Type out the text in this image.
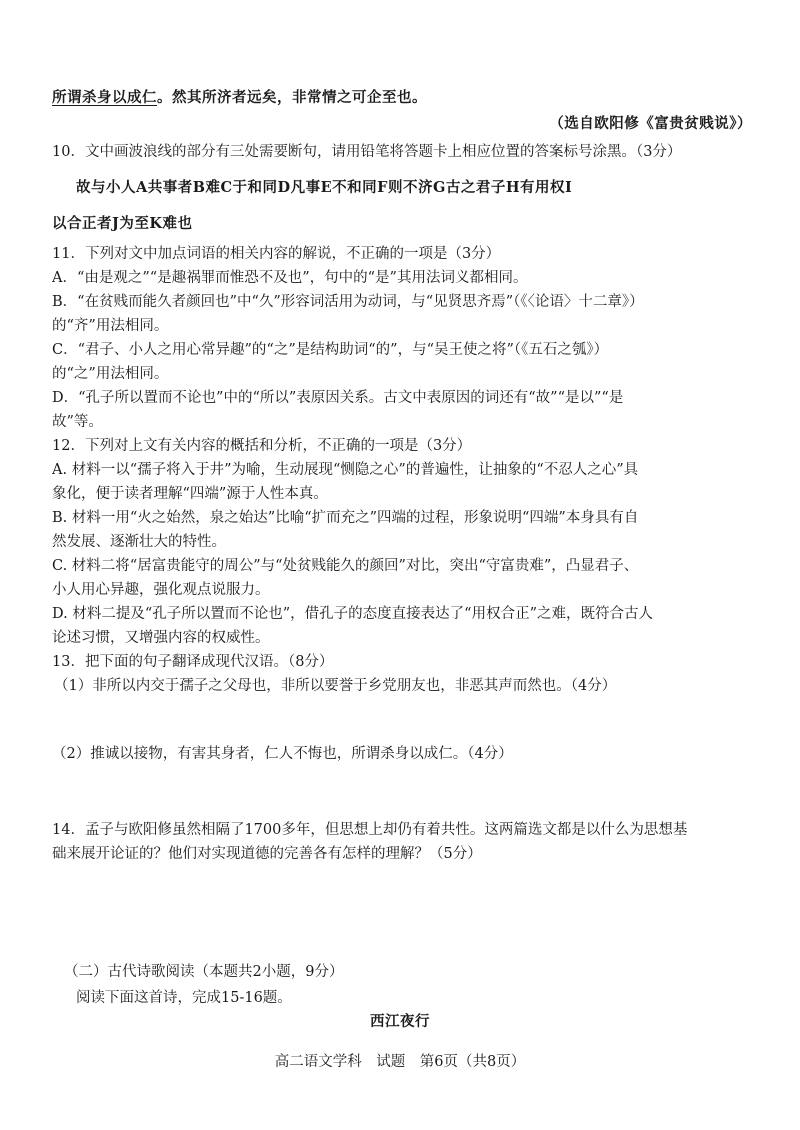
所谓杀身以成仁。然其所济者远矣，非常情之可企至也。
（选自欧阳修《富贵贫贱说》）
10．文中画波浪线的部分有三处需要断句，请用铅笔将答题卡上相应位置的答案标号涂黑。（3分）
故与小人A共事者B难C于和同D凡事E不和同F则不济G古之君子H有用权I
以合正者J为至K难也
11．下列对文中加点词语的相关内容的解说，不正确的一项是（3分）
A．“由是观之”“是趣祸罪而惟恐不及也”，句中的“是”其用法词义都相同。
B．“在贫贱而能久者颜回也”中“久”形容词活用为动词，与“见贤思齐焉”（《〈论语〉十二章》）
的“齐”用法相同。
C．“君子、小人之用心常异趣”的“之”是结构助词“的”，与“吴王使之将”（《五石之瓠》）
的“之”用法相同。
D．“孔子所以置而不论也”中的“所以”表原因关系。古文中表原因的词还有“故”“是以”“是
故”等。
12．下列对上文有关内容的概括和分析，不正确的一项是（3分）
A. 材料一以“孺子将入于井”为喻，生动展现“恻隐之心”的普遍性，让抽象的“不忍人之心”具
象化，便于读者理解“四端”源于人性本真。
B. 材料一用“火之始然，泉之始达”比喻“扩而充之”四端的过程，形象说明“四端”本身具有自
然发展、逐渐壮大的特性。
C. 材料二将“居富贵能守的周公”与“处贫贱能久的颜回”对比，突出“守富贵难”，凸显君子、
小人用心异趣，强化观点说服力。
D. 材料二提及“孔子所以置而不论也”，借孔子的态度直接表达了“用权合正”之难，既符合古人
论述习惯，又增强内容的权威性。
13．把下面的句子翻译成现代汉语。（8分）
（1）非所以内交于孺子之父母也，非所以要誉于乡党朋友也，非恶其声而然也。（4分）
（2）推诚以接物，有害其身者，仁人不悔也，所谓杀身以成仁。（4分）
14．孟子与欧阳修虽然相隔了1700多年，但思想上却仍有着共性。这两篇选文都是以什么为思想基
础来展开论证的？他们对实现道德的完善各有怎样的理解？（5分）
（二）古代诗歌阅读（本题共2小题，9分）
阅读下面这首诗，完成15-16题。
西江夜行
高二语文学科　试题　第6页（共8页）
